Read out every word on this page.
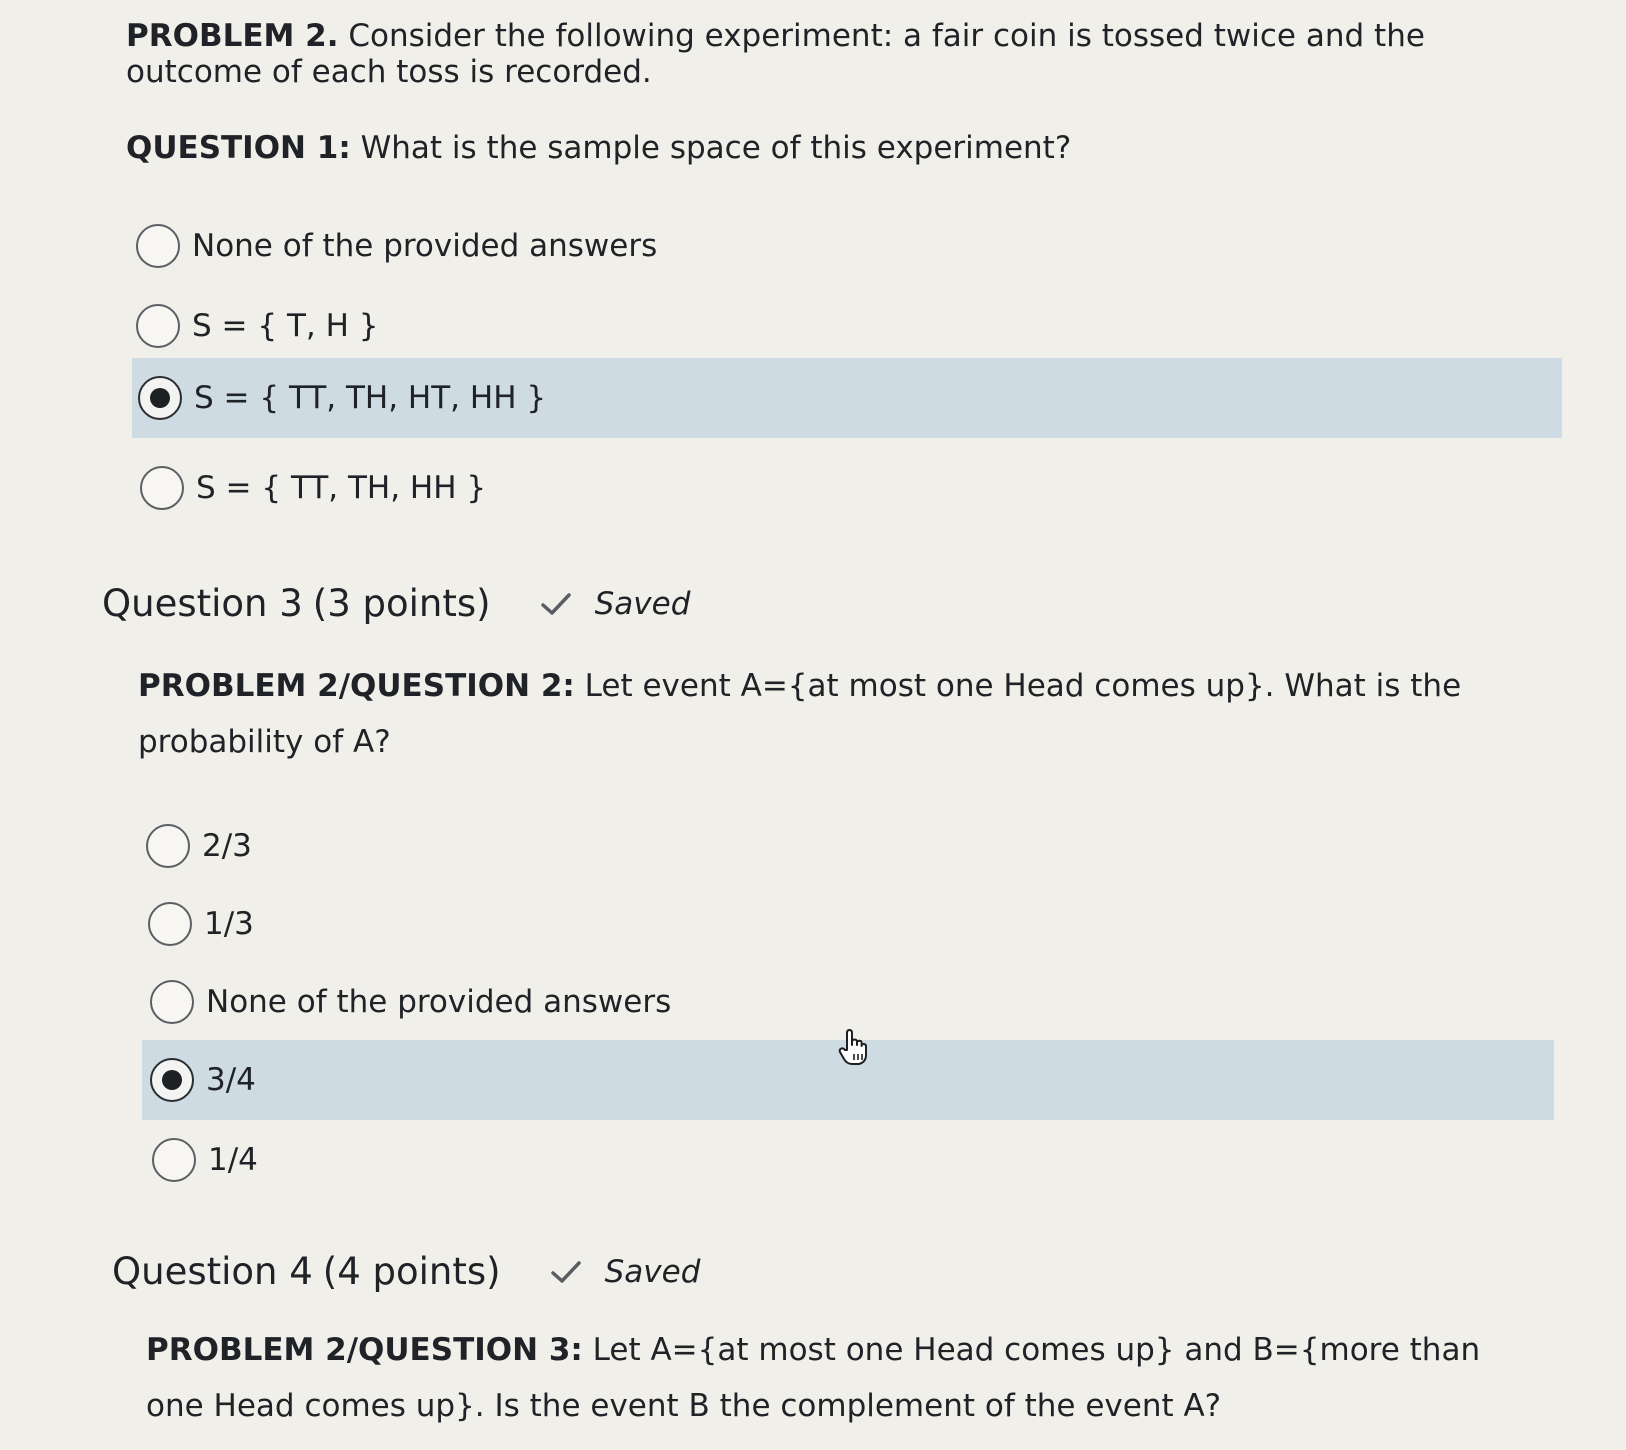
PROBLEM 2. Consider the following experiment: a fair coin is tossed twice and the outcome of each toss is recorded.
QUESTION 1: What is the sample space of this experiment?
None of the provided answers
S = { T, H }
S = { TT, TH, HT, HH }
S = { TT, TH, HH }
Question 3 (3 points)	Saved
PROBLEM 2/QUESTION 2: Let event A={at most one Head comes up}. What is the probability of A?
2/3
1/3
None of the provided answers
3/4
1/4
Question 4 (4 points)	Saved
PROBLEM 2/QUESTION 3: Let A={at most one Head comes up} and B={more than one Head comes up}. Is the event B the complement of the event A?
